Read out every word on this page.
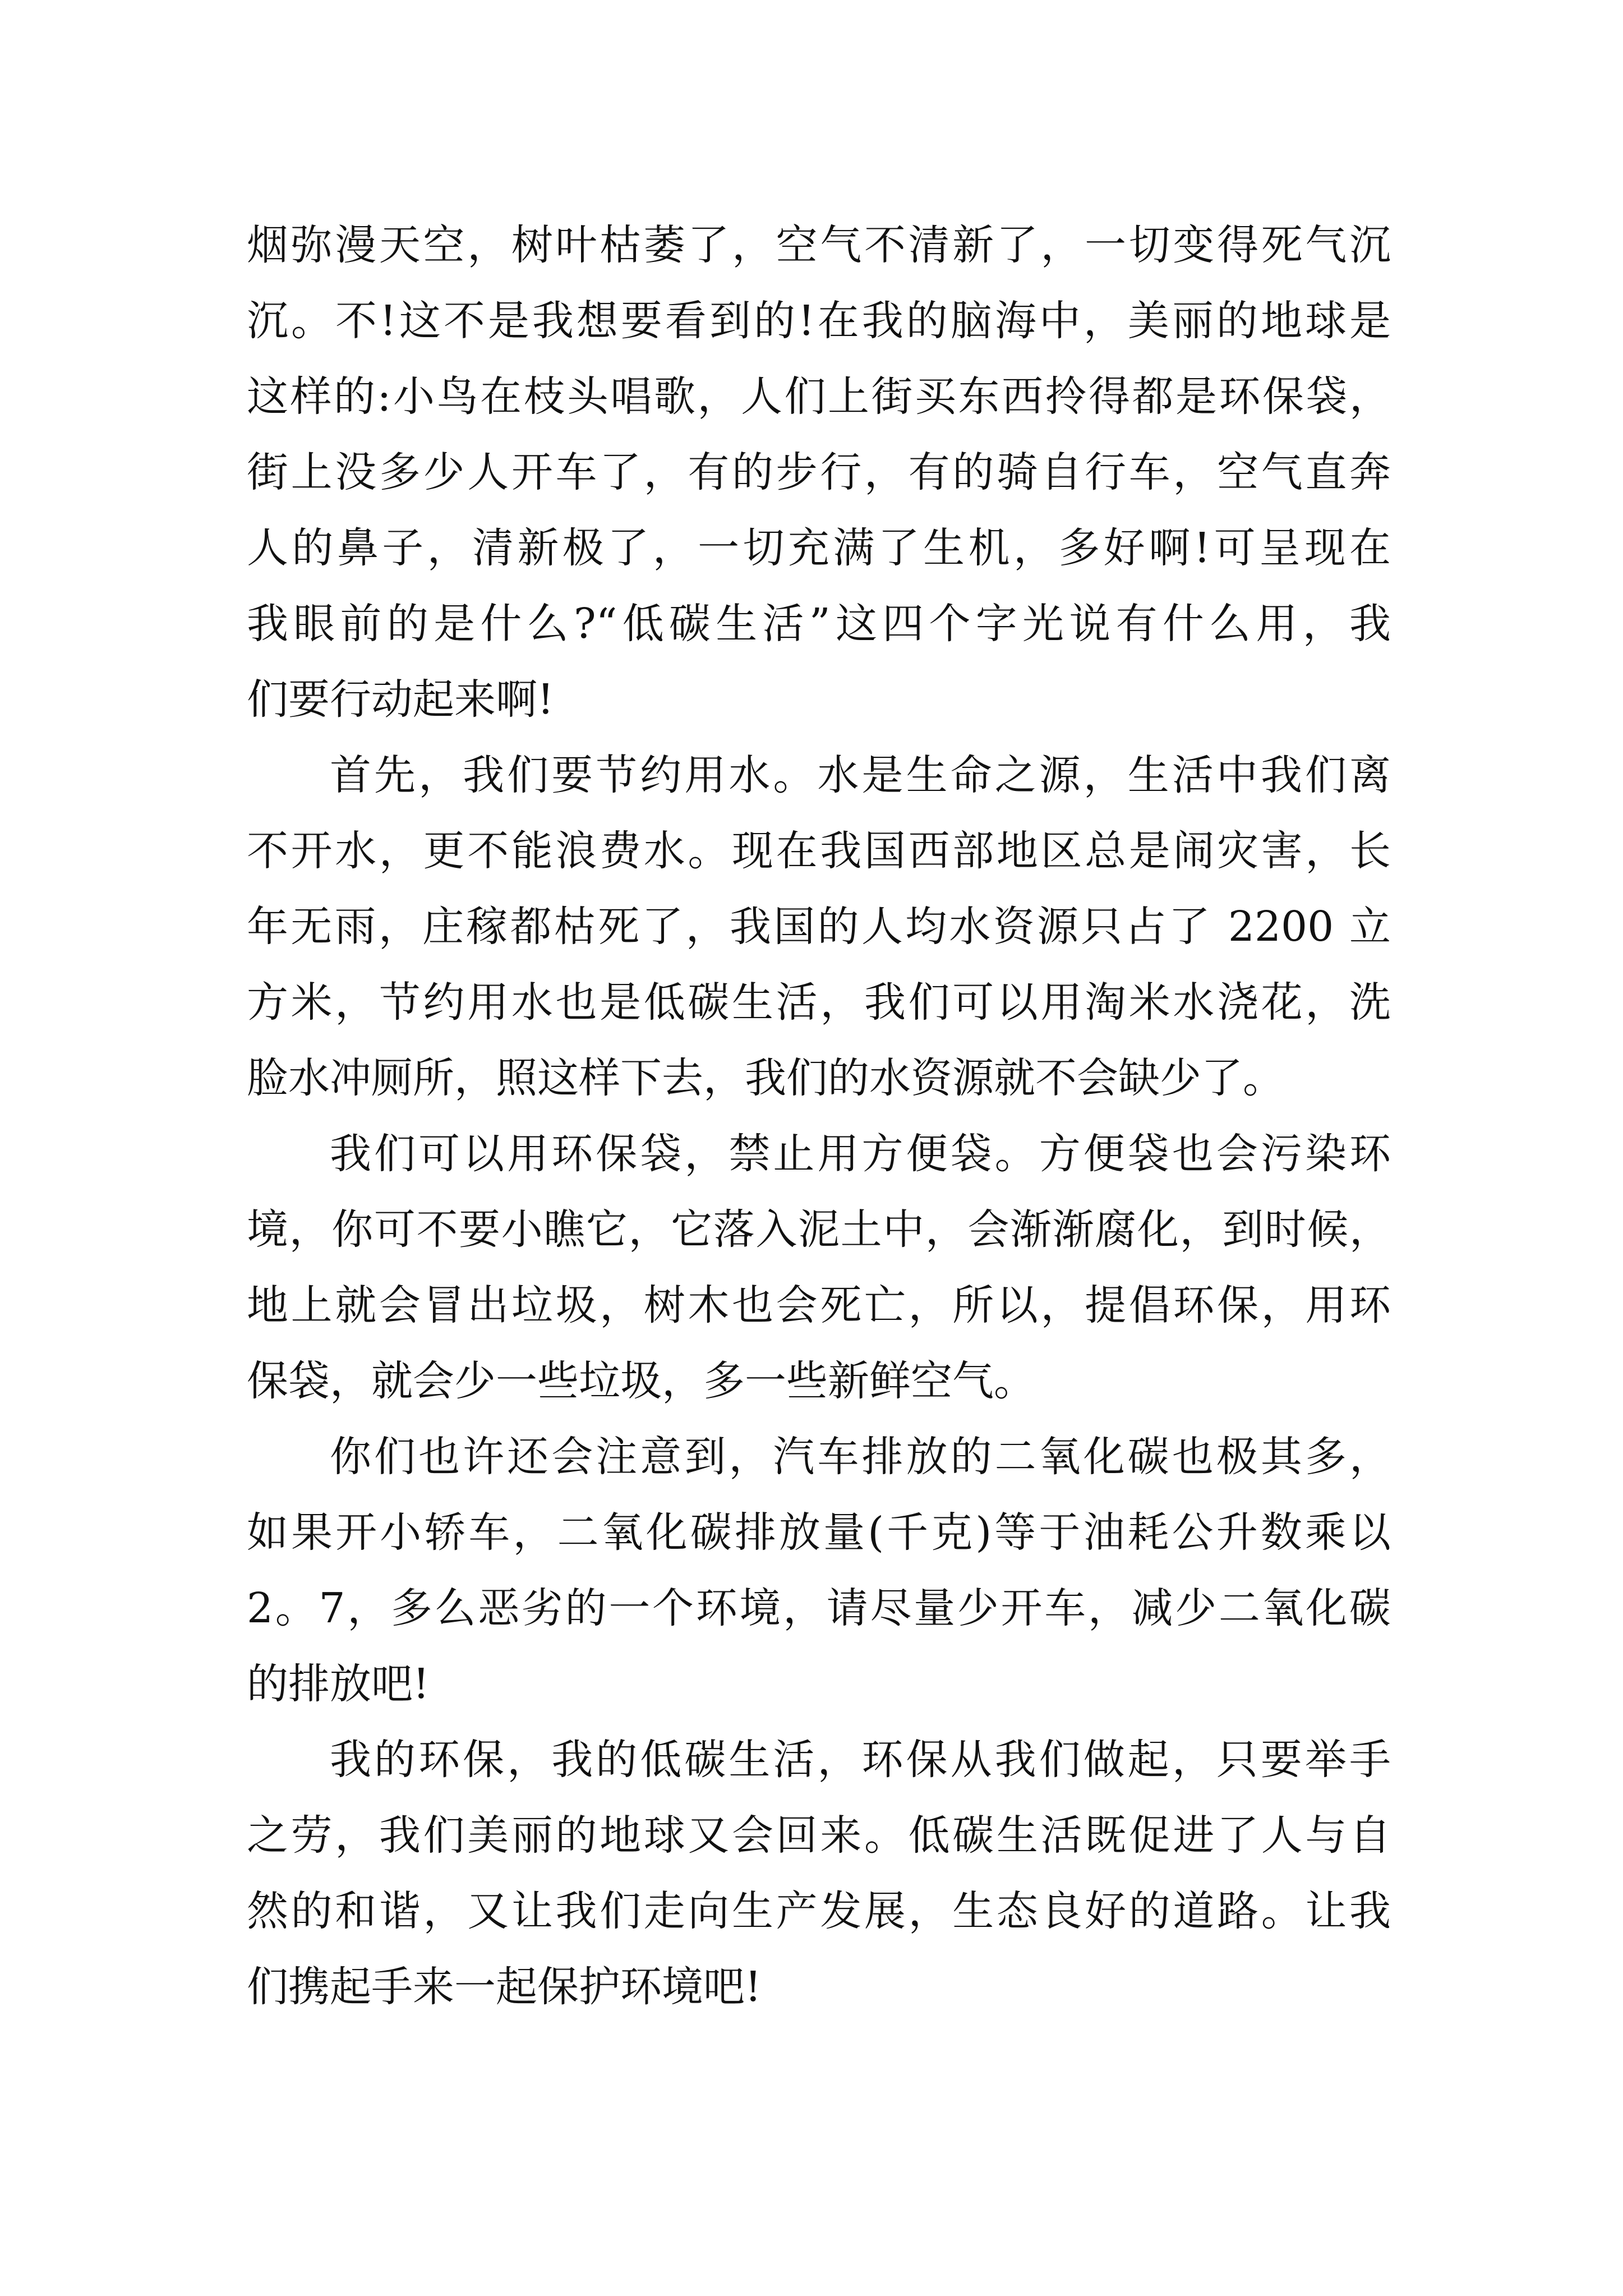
烟弥漫天空，树叶枯萎了，空气不清新了，一切变得死气沉
沉。不!这不是我想要看到的!在我的脑海中，美丽的地球是
这样的:小鸟在枝头唱歌，人们上街买东西拎得都是环保袋，
街上没多少人开车了，有的步行，有的骑自行车，空气直奔
人的鼻子，清新极了，一切充满了生机，多好啊!可呈现在
我眼前的是什么?“低碳生活”这四个字光说有什么用，我
们要行动起来啊!
首先，我们要节约用水。水是生命之源，生活中我们离
不开水，更不能浪费水。现在我国西部地区总是闹灾害，长
年无雨，庄稼都枯死了，我国的人均水资源只占了 2200 立
方米，节约用水也是低碳生活，我们可以用淘米水浇花，洗
脸水冲厕所，照这样下去，我们的水资源就不会缺少了。
我们可以用环保袋，禁止用方便袋。方便袋也会污染环
境，你可不要小瞧它，它落入泥土中，会渐渐腐化，到时候，
地上就会冒出垃圾，树木也会死亡，所以，提倡环保，用环
保袋，就会少一些垃圾，多一些新鲜空气。
你们也许还会注意到，汽车排放的二氧化碳也极其多，
如果开小轿车，二氧化碳排放量(千克)等于油耗公升数乘以
2。7，多么恶劣的一个环境，请尽量少开车，减少二氧化碳
的排放吧!
我的环保，我的低碳生活，环保从我们做起，只要举手
之劳，我们美丽的地球又会回来。低碳生活既促进了人与自
然的和谐，又让我们走向生产发展，生态良好的道路。让我
们携起手来一起保护环境吧!
